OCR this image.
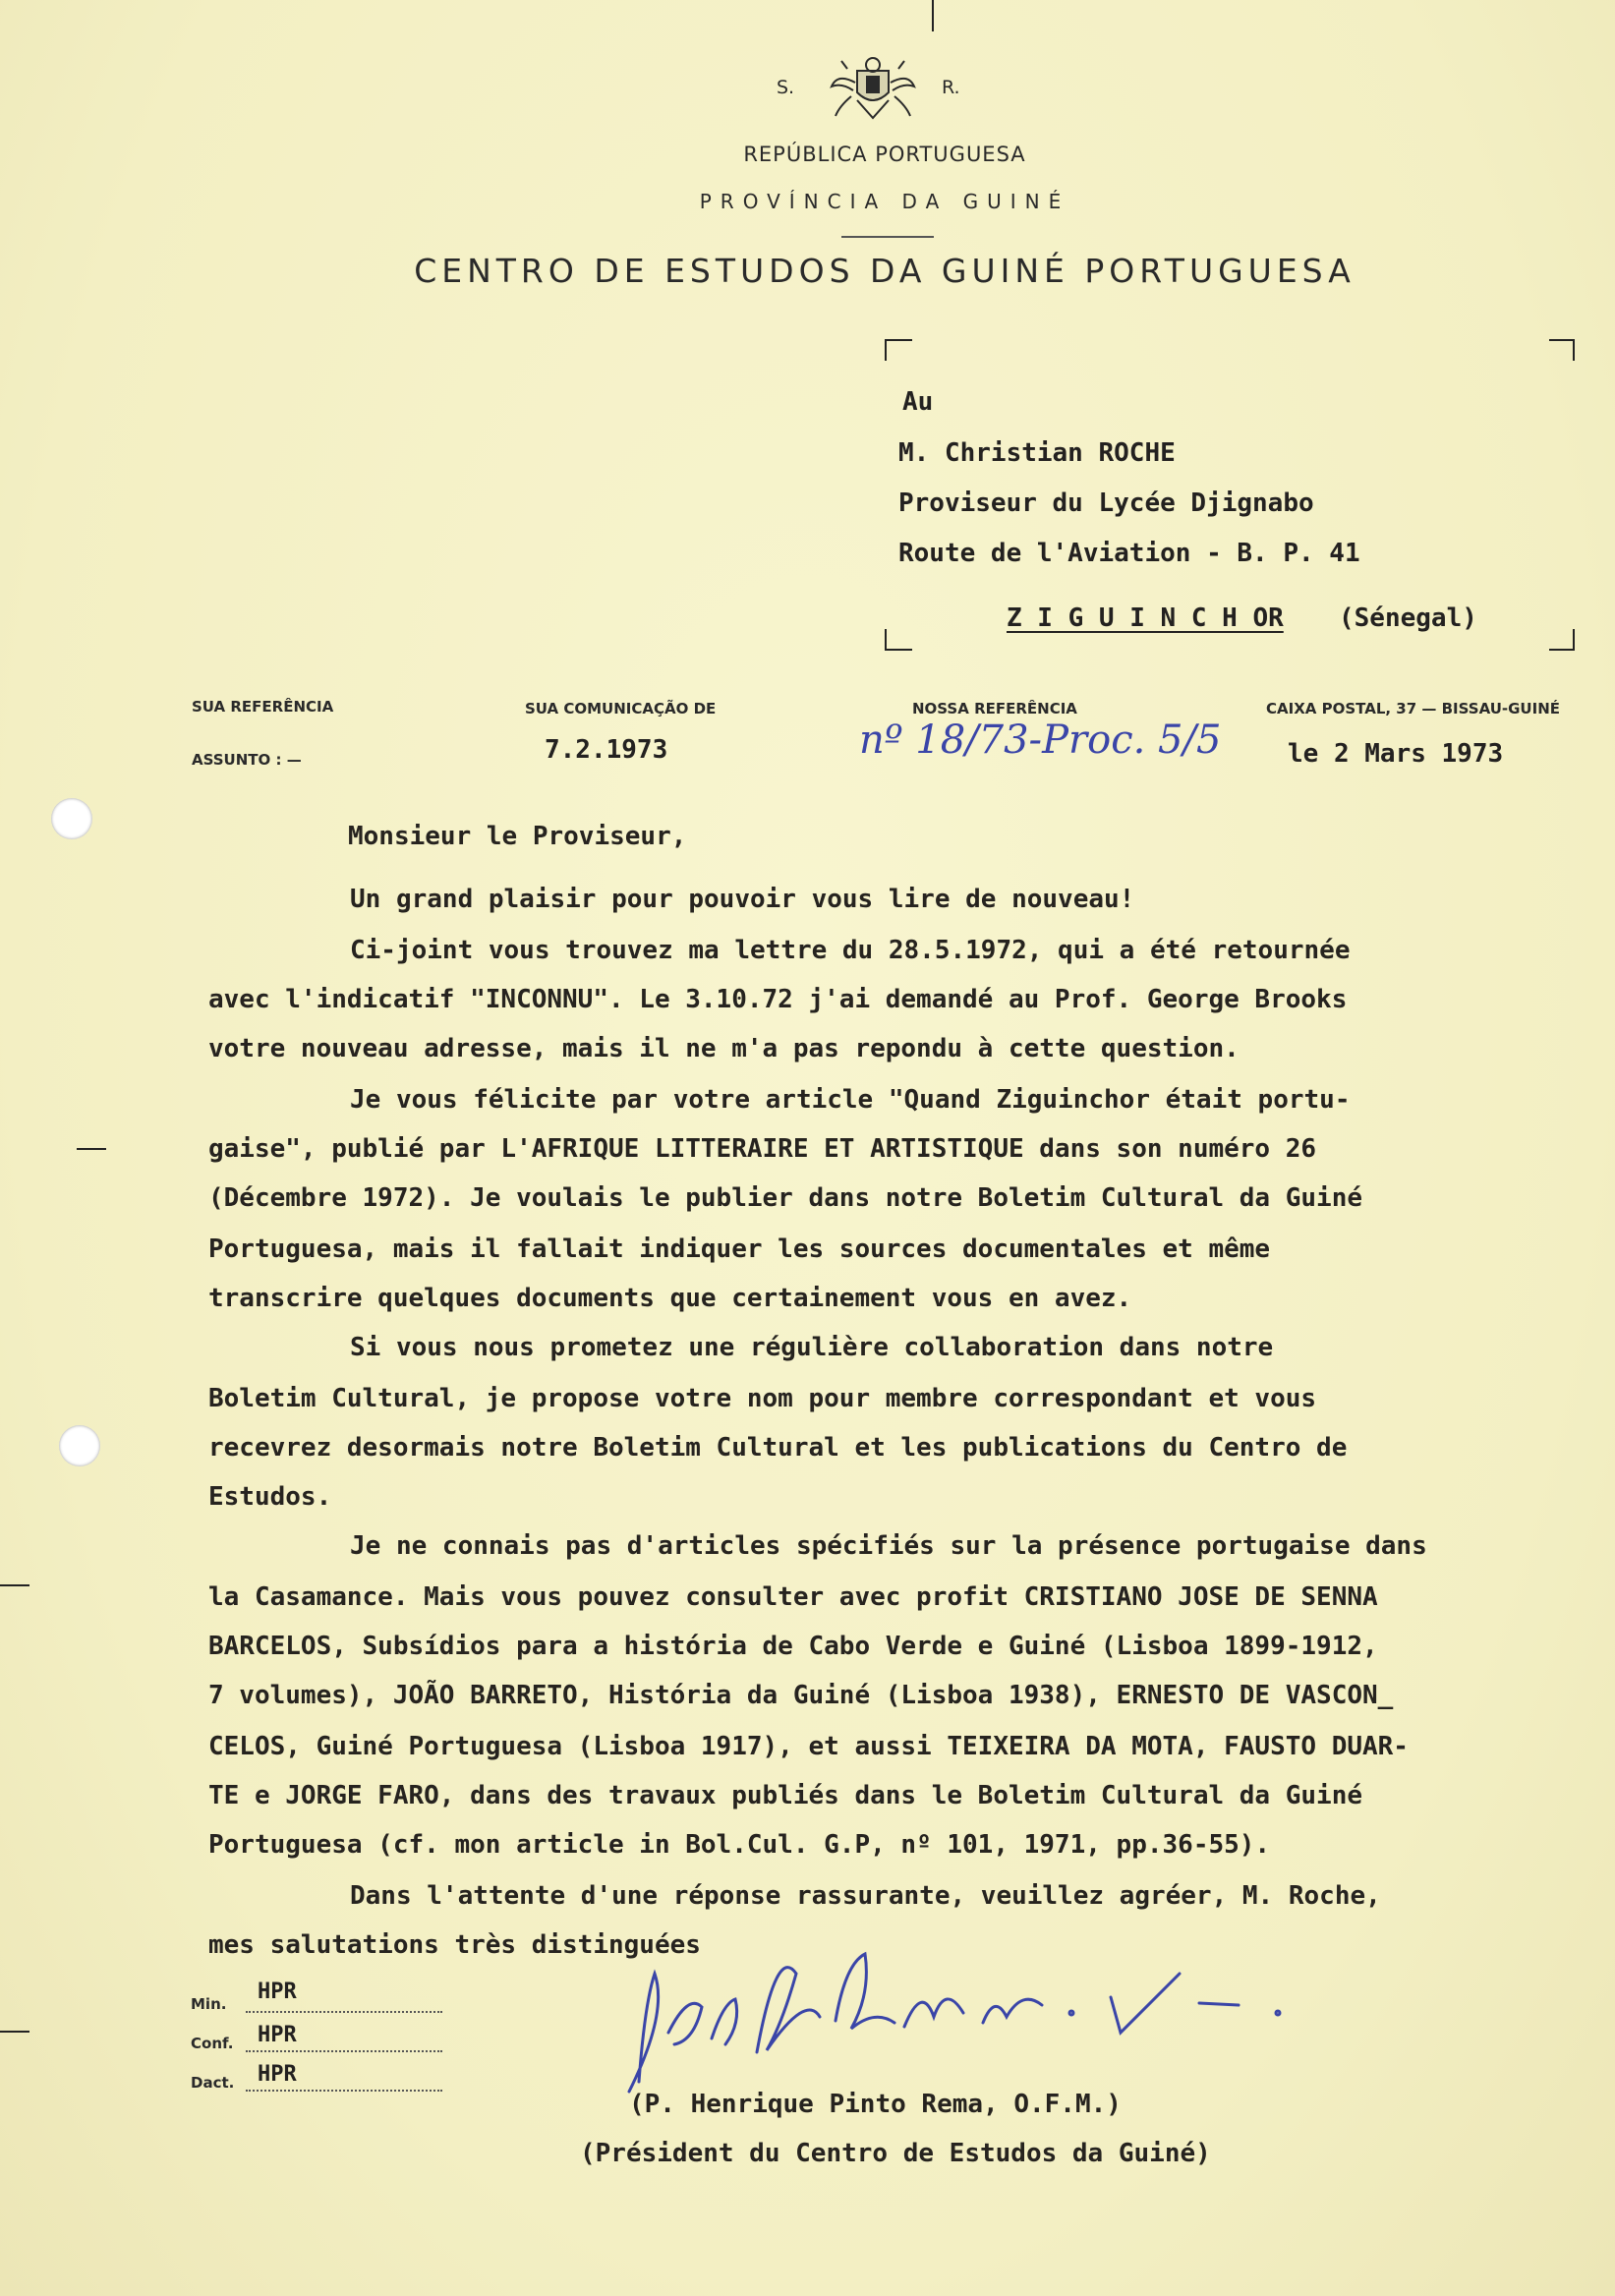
S.	R.
REPÚBLICA PORTUGUESA
PROVÍNCIA DA GUINÉ
CENTRO DE ESTUDOS DA GUINÉ PORTUGUESA
Au
M. Christian ROCHE
Proviseur du Lycée Djignabo
Route de l'Aviation - B. P. 41
Z I G U I N C H OR (Sénegal)
SUA REFERÊNCIA
ASSUNTO : —
SUA COMUNICAÇÃO DE
7.2.1973
NOSSA REFERÊNCIA
nº 18/73-Proc. 5/5
CAIXA POSTAL, 37 — BISSAU-GUINÉ
le 2 Mars 1973
Monsieur le Proviseur,
Un grand plaisir pour pouvoir vous lire de nouveau!
Ci-joint vous trouvez ma lettre du 28.5.1972, qui a été retournée
avec l'indicatif "INCONNU". Le 3.10.72 j'ai demandé au Prof. George Brooks
votre nouveau adresse, mais il ne m'a pas repondu à cette question.
Je vous félicite par votre article "Quand Ziguinchor était portu-
gaise", publié par L'AFRIQUE LITTERAIRE ET ARTISTIQUE dans son numéro 26
(Décembre 1972). Je voulais le publier dans notre Boletim Cultural da Guiné
Portuguesa, mais il fallait indiquer les sources documentales et même
transcrire quelques documents que certainement vous en avez.
Si vous nous prometez une régulière collaboration dans notre
Boletim Cultural, je propose votre nom pour membre correspondant et vous
recevrez desormais notre Boletim Cultural et les publications du Centro de
Estudos.
Je ne connais pas d'articles spécifiés sur la présence portugaise dans
la Casamance. Mais vous pouvez consulter avec profit CRISTIANO JOSE DE SENNA
BARCELOS, Subsídios para a história de Cabo Verde e Guiné (Lisboa 1899-1912,
7 volumes), JOÃO BARRETO, História da Guiné (Lisboa 1938), ERNESTO DE VASCON_
CELOS, Guiné Portuguesa (Lisboa 1917), et aussi TEIXEIRA DA MOTA, FAUSTO DUAR-
TE e JORGE FARO, dans des travaux publiés dans le Boletim Cultural da Guiné
Portuguesa (cf. mon article in Bol.Cul. G.P, nº 101, 1971, pp.36-55).
Dans l'attente d'une réponse rassurante, veuillez agréer, M. Roche,
mes salutations très distinguées
Min. HPR
Conf. HPR
Dact. HPR
(P. Henrique Pinto Rema, O.F.M.)
(Président du Centro de Estudos da Guiné)
